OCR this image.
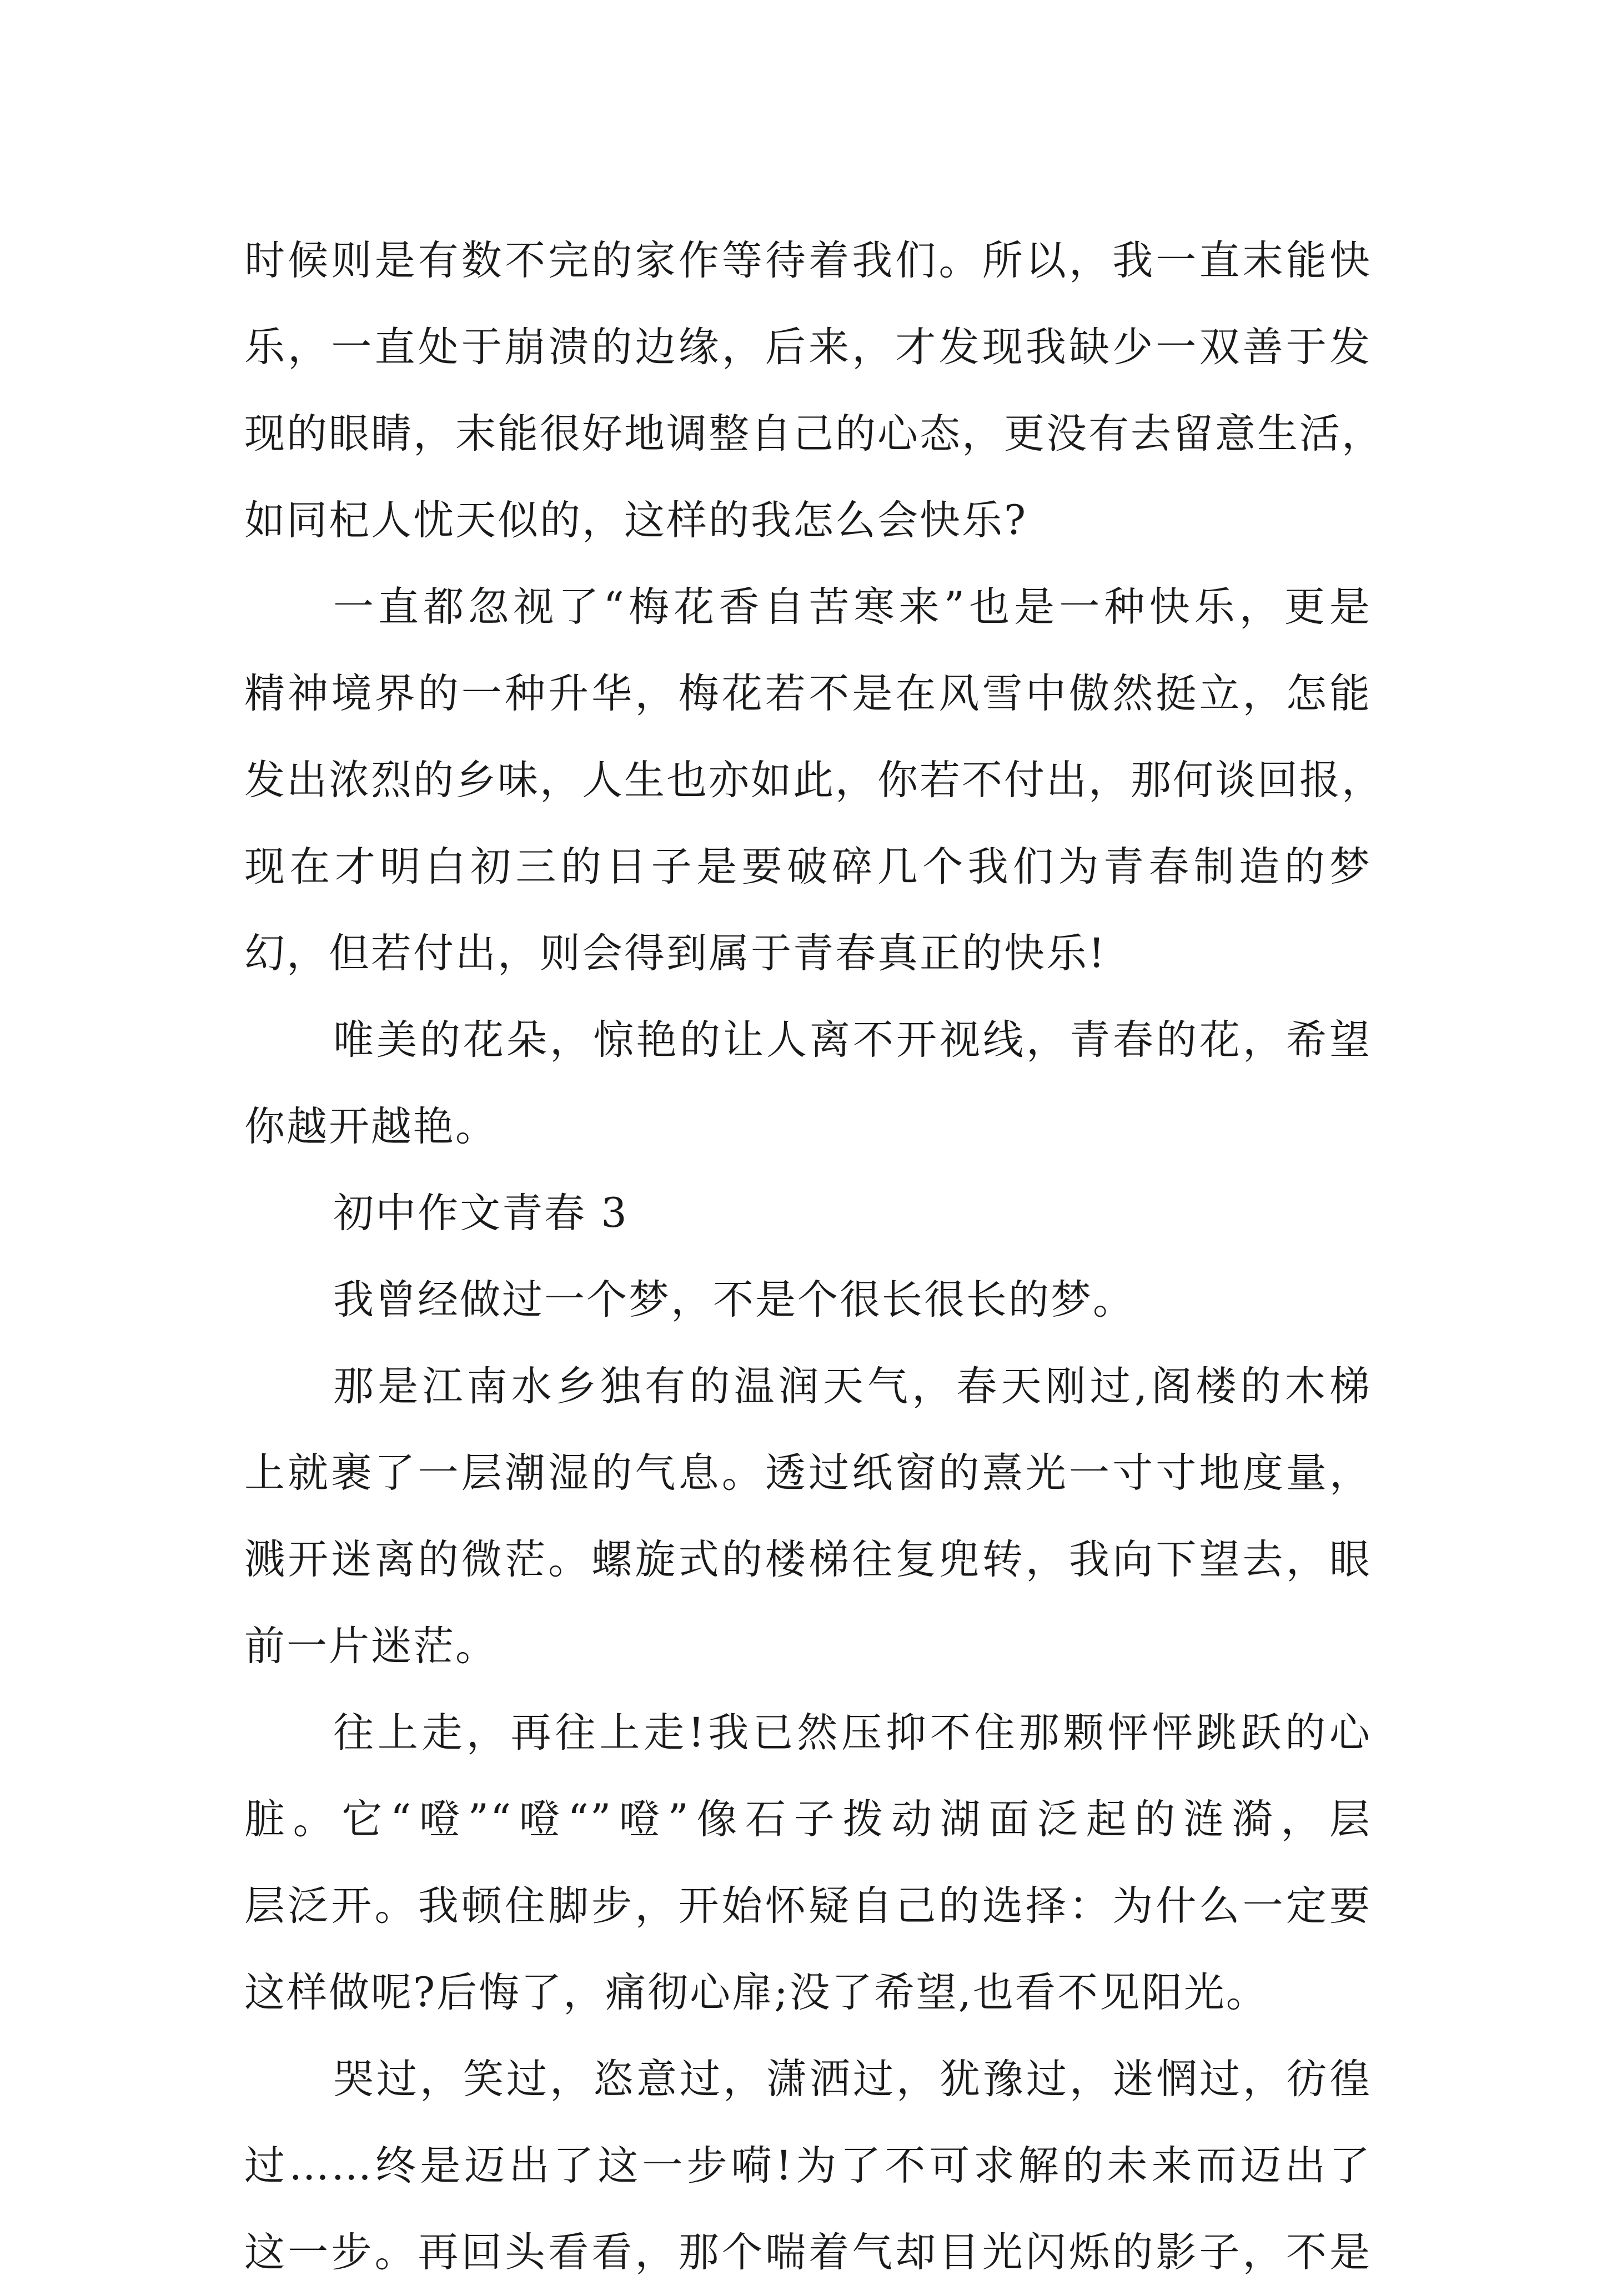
时候则是有数不完的家作等待着我们。所以，我一直末能快
乐，一直处于崩溃的边缘，后来，才发现我缺少一双善于发
现的眼睛，末能很好地调整自己的心态，更没有去留意生活，
如同杞人忧天似的，这样的我怎么会快乐?
一直都忽视了“梅花香自苦寒来”也是一种快乐，更是
精神境界的一种升华，梅花若不是在风雪中傲然挺立，怎能
发出浓烈的乡味，人生也亦如此，你若不付出，那何谈回报，
现在才明白初三的日子是要破碎几个我们为青春制造的梦
幻，但若付出，则会得到属于青春真正的快乐!
唯美的花朵，惊艳的让人离不开视线，青春的花，希望
你越开越艳。
初中作文青春 3
我曾经做过一个梦，不是个很长很长的梦。
那是江南水乡独有的温润天气，春天刚过,阁楼的木梯
上就裹了一层潮湿的气息。透过纸窗的熹光一寸寸地度量，
溅开迷离的微茫。螺旋式的楼梯往复兜转，我向下望去，眼
前一片迷茫。
往上走，再往上走!我已然压抑不住那颗怦怦跳跃的心
脏。它“噔”“噔“”噔”像石子拨动湖面泛起的涟漪，层
层泛开。我顿住脚步，开始怀疑自己的选择：为什么一定要
这样做呢?后悔了，痛彻心扉;没了希望,也看不见阳光。
哭过，笑过，恣意过，潇洒过，犹豫过，迷惘过，彷徨
过……终是迈出了这一步嗬!为了不可求解的未来而迈出了
这一步。再回头看看，那个喘着气却目光闪烁的影子，不是
